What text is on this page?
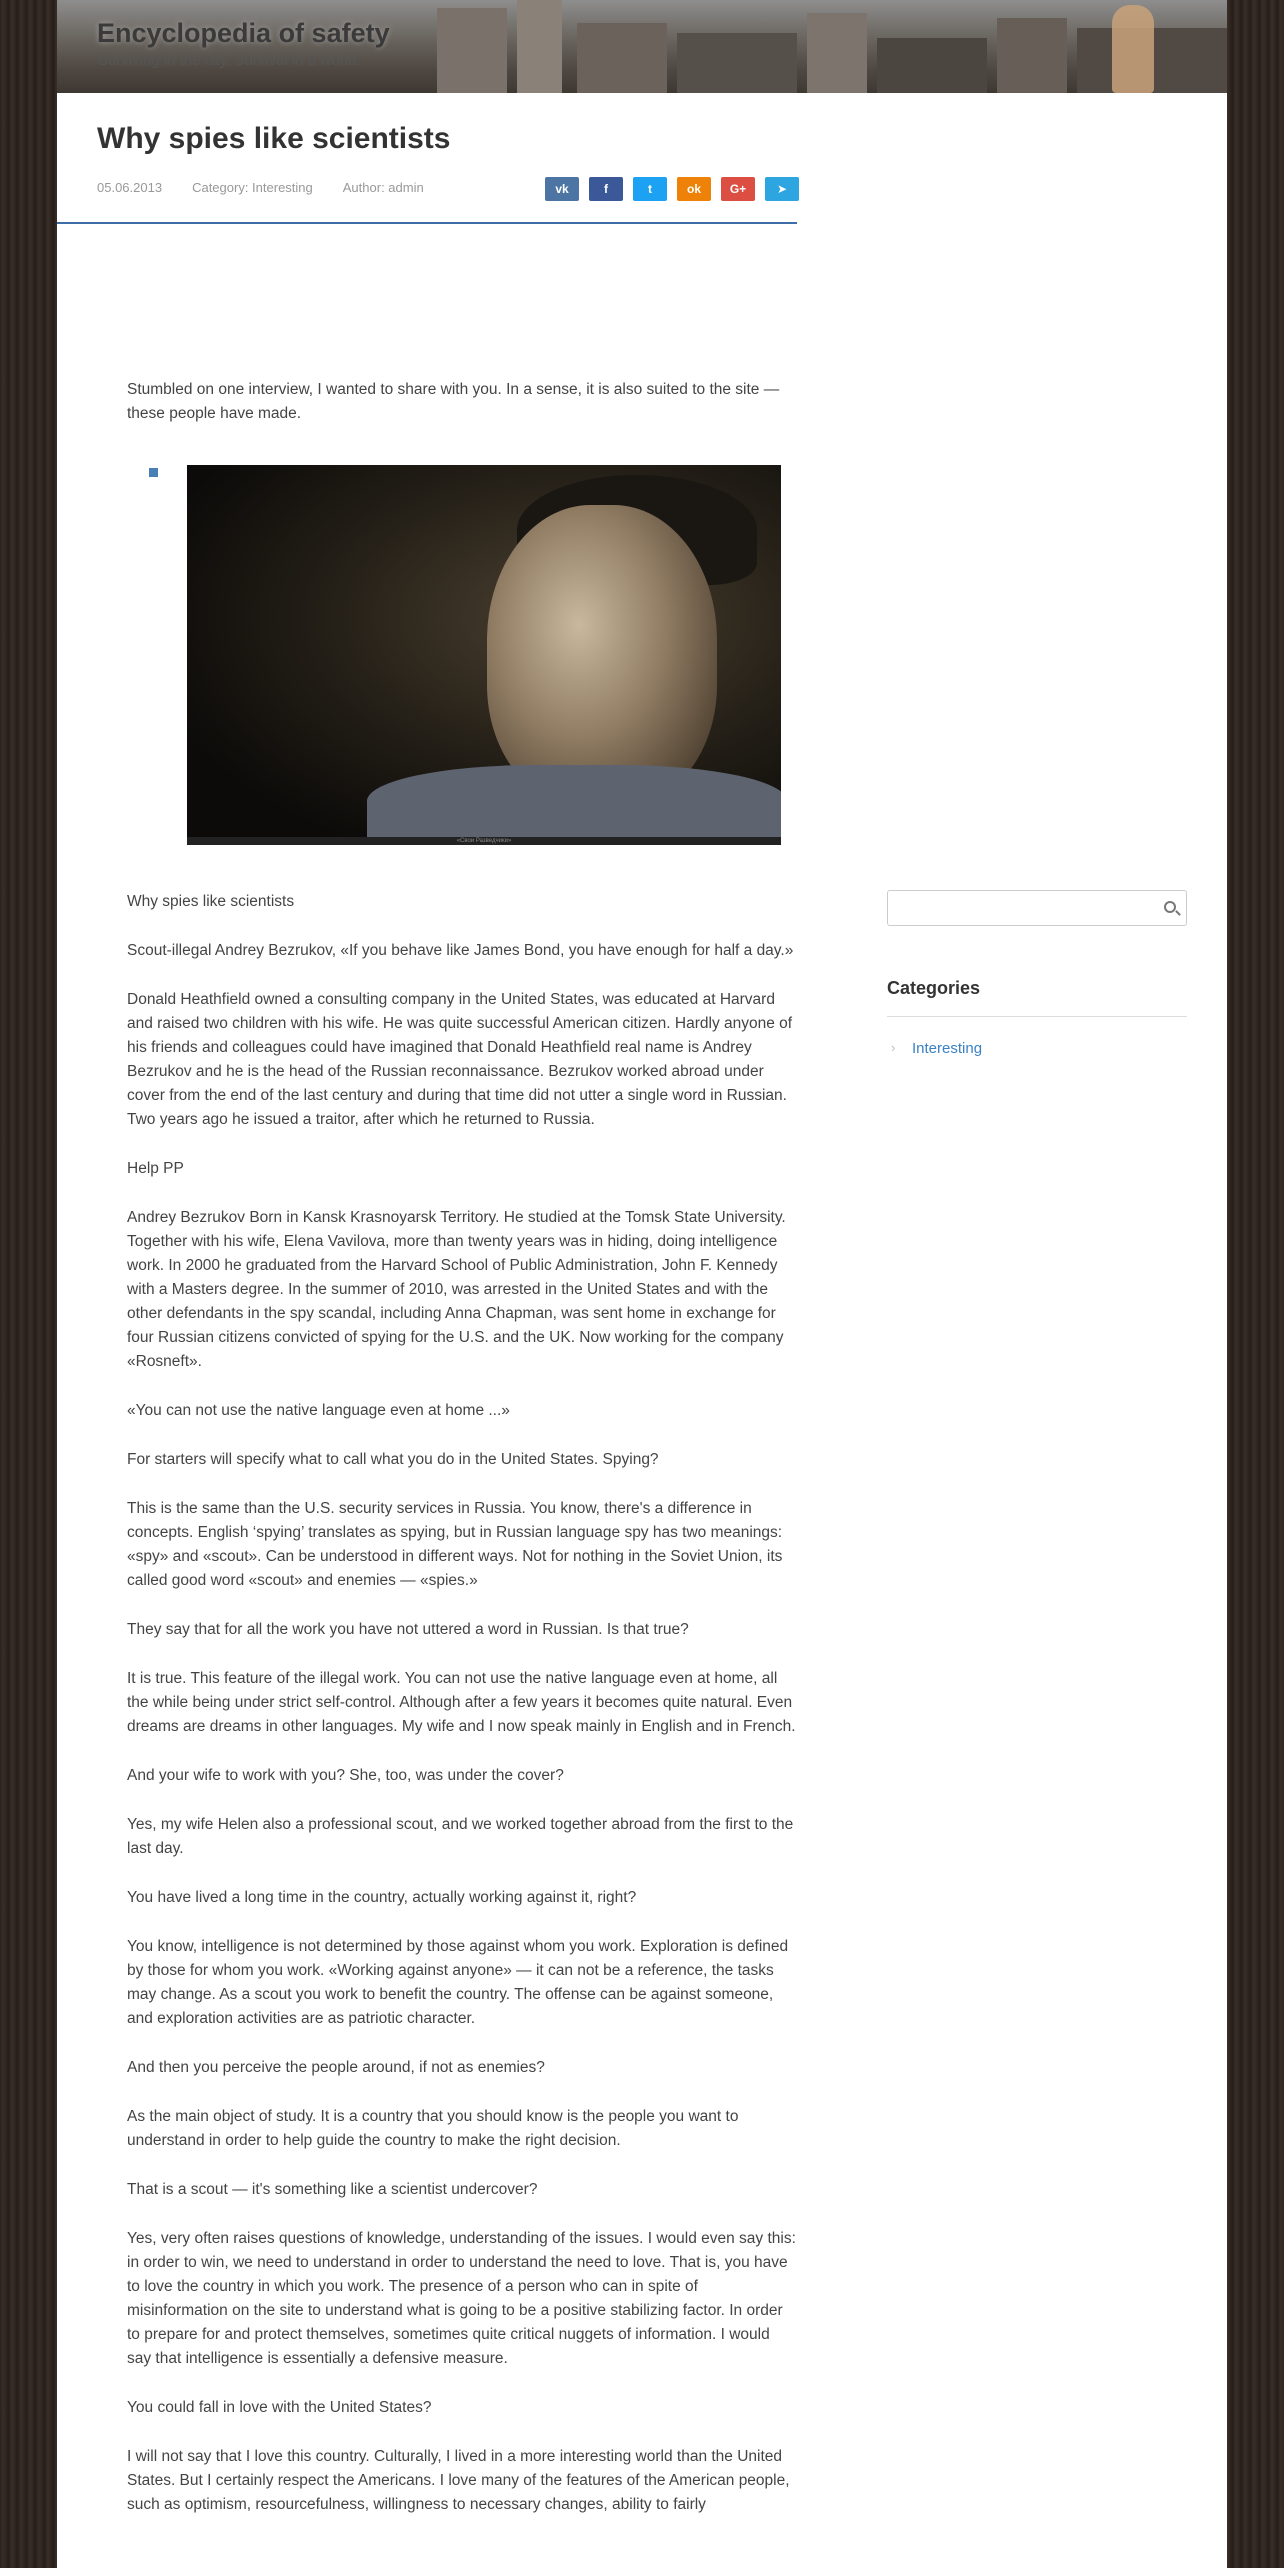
Encyclopedia of safety
Surviving in the city. Survival in a world.
Why spies like scientists
05.06.2013 Category: Interesting Author: admin	vk	f	t	ok	G+	➤

Stumbled on one interview, I wanted to share with you. In a sense, it is also suited to the site — these people have made.

«Свои Разведчики»

Why spies like scientists

Scout-illegal Andrey Bezrukov, «If you behave like James Bond, you have enough for half a day.»

Donald Heathfield owned a consulting company in the United States, was educated at Harvard and raised two children with his wife. He was quite successful American citizen. Hardly anyone of his friends and colleagues could have imagined that Donald Heathfield real name is Andrey Bezrukov and he is the head of the Russian reconnaissance. Bezrukov worked abroad under cover from the end of the last century and during that time did not utter a single word in Russian. Two years ago he issued a traitor, after which he returned to Russia.

Help PP

Andrey Bezrukov Born in Kansk Krasnoyarsk Territory. He studied at the Tomsk State University. Together with his wife, Elena Vavilova, more than twenty years was in hiding, doing intelligence work. In 2000 he graduated from the Harvard School of Public Administration, John F. Kennedy with a Masters degree. In the summer of 2010, was arrested in the United States and with the other defendants in the spy scandal, including Anna Chapman, was sent home in exchange for four Russian citizens convicted of spying for the U.S. and the UK. Now working for the company «Rosneft».

«You can not use the native language even at home ...»

For starters will specify what to call what you do in the United States. Spying?

This is the same than the U.S. security services in Russia. You know, there's a difference in concepts. English ‘spying’ translates as spying, but in Russian language spy has two meanings: «spy» and «scout». Can be understood in different ways. Not for nothing in the Soviet Union, its called good word «scout» and enemies — «spies.»

They say that for all the work you have not uttered a word in Russian. Is that true?

It is true. This feature of the illegal work. You can not use the native language even at home, all the while being under strict self-control. Although after a few years it becomes quite natural. Even dreams are dreams in other languages. My wife and I now speak mainly in English and in French.

And your wife to work with you? She, too, was under the cover?

Yes, my wife Helen also a professional scout, and we worked together abroad from the first to the last day.

You have lived a long time in the country, actually working against it, right?

You know, intelligence is not determined by those against whom you work. Exploration is defined by those for whom you work. «Working against anyone» — it can not be a reference, the tasks may change. As a scout you work to benefit the country. The offense can be against someone, and exploration activities are as patriotic character.

And then you perceive the people around, if not as enemies?

As the main object of study. It is a country that you should know is the people you want to understand in order to help guide the country to make the right decision.

That is a scout — it's something like a scientist undercover?

Yes, very often raises questions of knowledge, understanding of the issues. I would even say this: in order to win, we need to understand in order to understand the need to love. That is, you have to love the country in which you work. The presence of a person who can in spite of misinformation on the site to understand what is going to be a positive stabilizing factor. In order to prepare for and protect themselves, sometimes quite critical nuggets of information. I would say that intelligence is essentially a defensive measure.

You could fall in love with the United States?

I will not say that I love this country. Culturally, I lived in a more interesting world than the United States. But I certainly respect the Americans. I love many of the features of the American people, such as optimism, resourcefulness, willingness to necessary changes, ability to fairly

Categories
› Interesting
